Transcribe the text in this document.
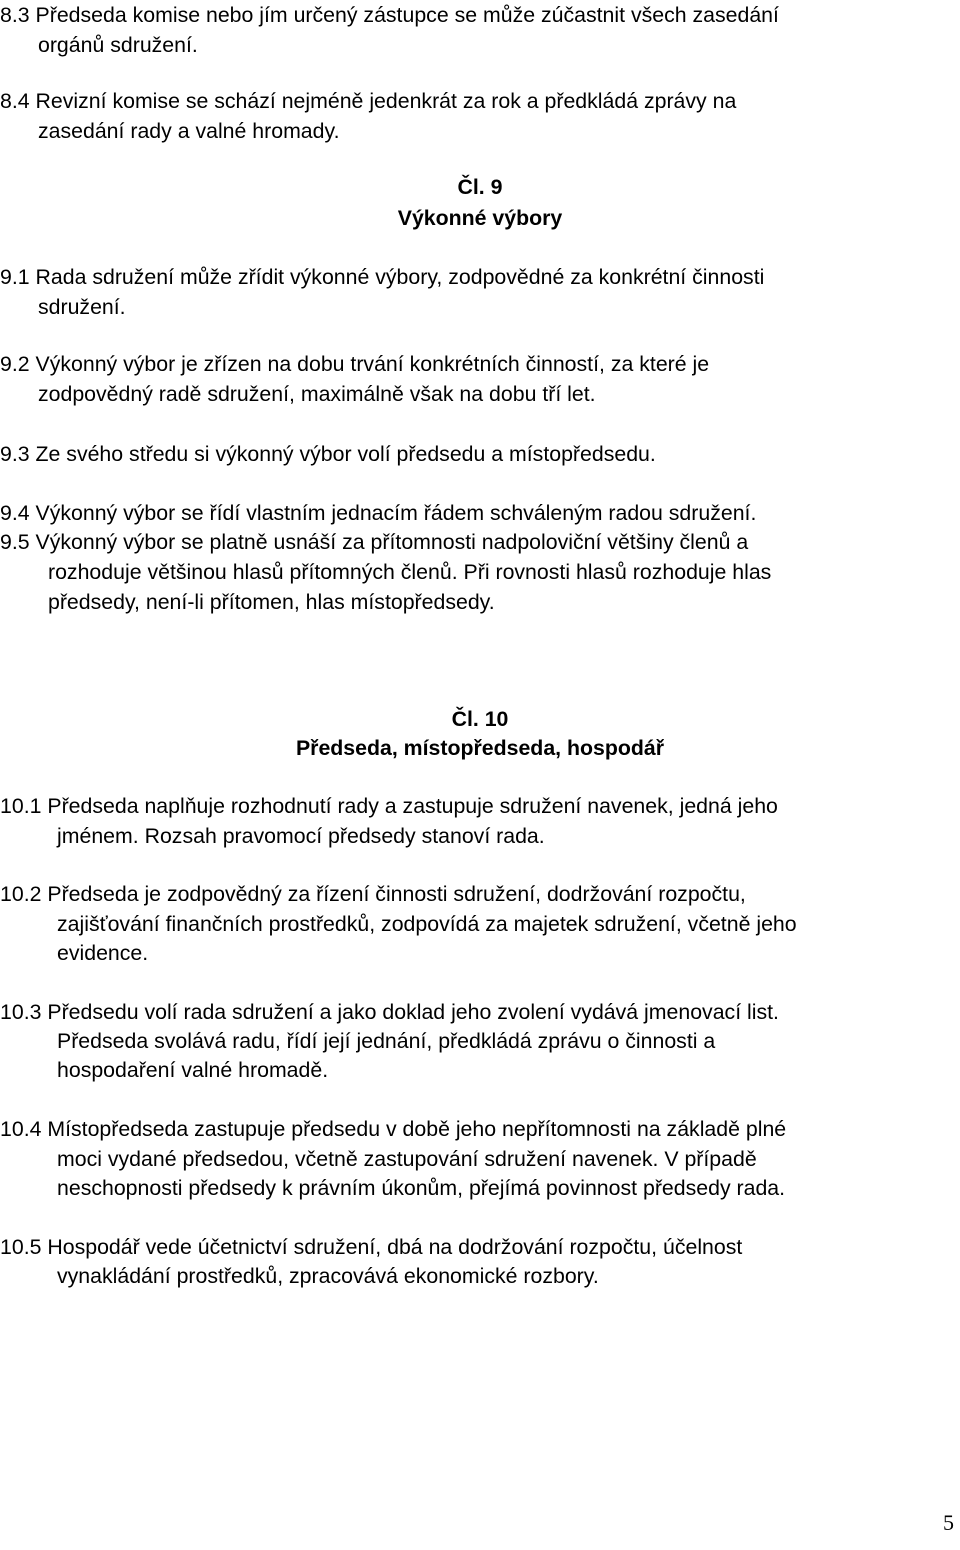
8.3 Předseda komise nebo jím určený zástupce se může zúčastnit všech zasedání
orgánů sdružení.
8.4 Revizní komise se schází nejméně jedenkrát za rok a předkládá zprávy na
zasedání rady a valné hromady.
Čl. 9
Výkonné výbory
9.1 Rada sdružení může zřídit výkonné výbory, zodpovědné za konkrétní činnosti
sdružení.
9.2 Výkonný výbor je zřízen na dobu trvání konkrétních činností, za které je
zodpovědný radě sdružení, maximálně však na dobu tří let.
9.3 Ze svého středu si výkonný výbor volí předsedu a místopředsedu.
9.4 Výkonný výbor se řídí vlastním jednacím řádem schváleným radou sdružení.
9.5 Výkonný výbor se platně usnáší za přítomnosti nadpoloviční většiny členů a
rozhoduje většinou hlasů přítomných členů. Při rovnosti hlasů rozhoduje hlas
předsedy, není-li přítomen, hlas místopředsedy.
Čl. 10
Předseda, místopředseda, hospodář
10.1 Předseda naplňuje rozhodnutí rady a zastupuje sdružení navenek, jedná jeho
jménem. Rozsah pravomocí předsedy stanoví rada.
10.2 Předseda je zodpovědný za řízení činnosti sdružení, dodržování rozpočtu,
zajišťování finančních prostředků, zodpovídá za majetek sdružení, včetně jeho
evidence.
10.3 Předsedu volí rada sdružení a jako doklad jeho zvolení vydává jmenovací list.
Předseda svolává radu, řídí její jednání, předkládá zprávu o činnosti a
hospodaření valné hromadě.
10.4 Místopředseda zastupuje předsedu v době jeho nepřítomnosti na základě plné
moci vydané předsedou, včetně zastupování sdružení navenek. V případě
neschopnosti předsedy k právním úkonům, přejímá povinnost předsedy rada.
10.5 Hospodář vede účetnictví sdružení, dbá na dodržování rozpočtu, účelnost
vynakládání prostředků, zpracovává ekonomické rozbory.
5
